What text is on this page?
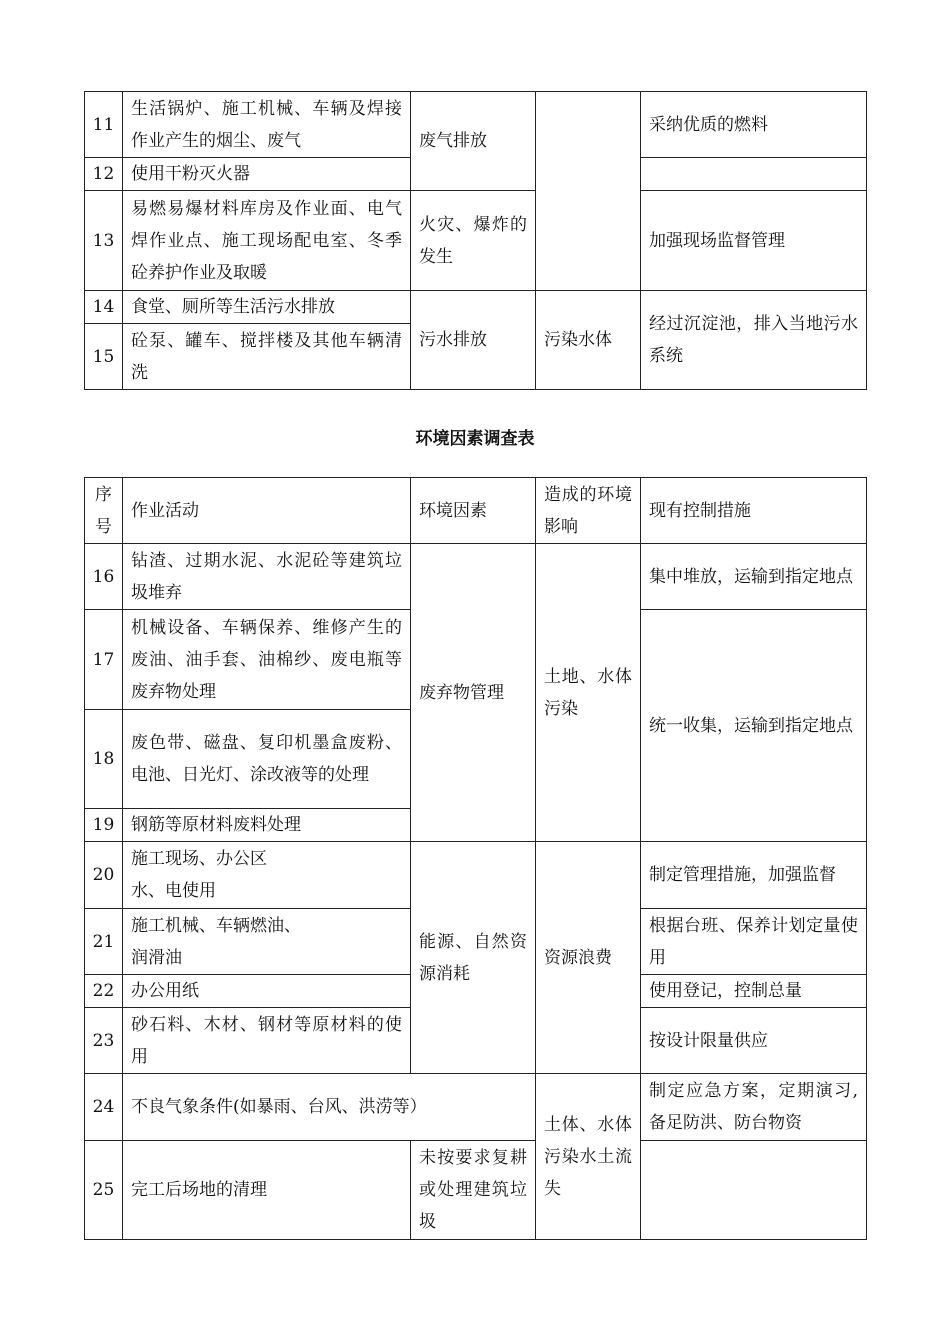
11	生活锅炉、施工机械、车辆及焊接作业产生的烟尘、废气	废气排放		采纳优质的燃料
12	使用干粉灭火器			
13	易燃易爆材料库房及作业面、电气焊作业点、施工现场配电室、冬季砼养护作业及取暖	火灾、爆炸的发生		加强现场监督管理
14	食堂、厕所等生活污水排放	污水排放	污染水体	经过沉淀池，排入当地污水系统
15	砼泵、罐车、搅拌楼及其他车辆清洗			
环境因素调查表
序号	作业活动	环境因素	造成的环境影响	现有控制措施
16	钻渣、过期水泥、水泥砼等建筑垃圾堆弃	废弃物管理	土地、水体污染	集中堆放，运输到指定地点
17	机械设备、车辆保养、维修产生的废油、油手套、油棉纱、废电瓶等废弃物处理			统一收集，运输到指定地点
18	废色带、磁盘、复印机墨盒废粉、电池、日光灯、涂改液等的处理			
19	钢筋等原材料废料处理			
20	施工现场、办公区
水、电使用	能源、自然资源消耗	资源浪费	制定管理措施，加强监督
21	施工机械、车辆燃油、
润滑油			根据台班、保养计划定量使用
22	办公用纸			使用登记，控制总量
23	砂石料、木材、钢材等原材料的使用			按设计限量供应
24	不良气象条件(如暴雨、台风、洪涝等）		土体、水体污染水土流失	制定应急方案，定期演习,备足防洪、防台物资
25	完工后场地的清理	未按要求复耕或处理建筑垃圾		
